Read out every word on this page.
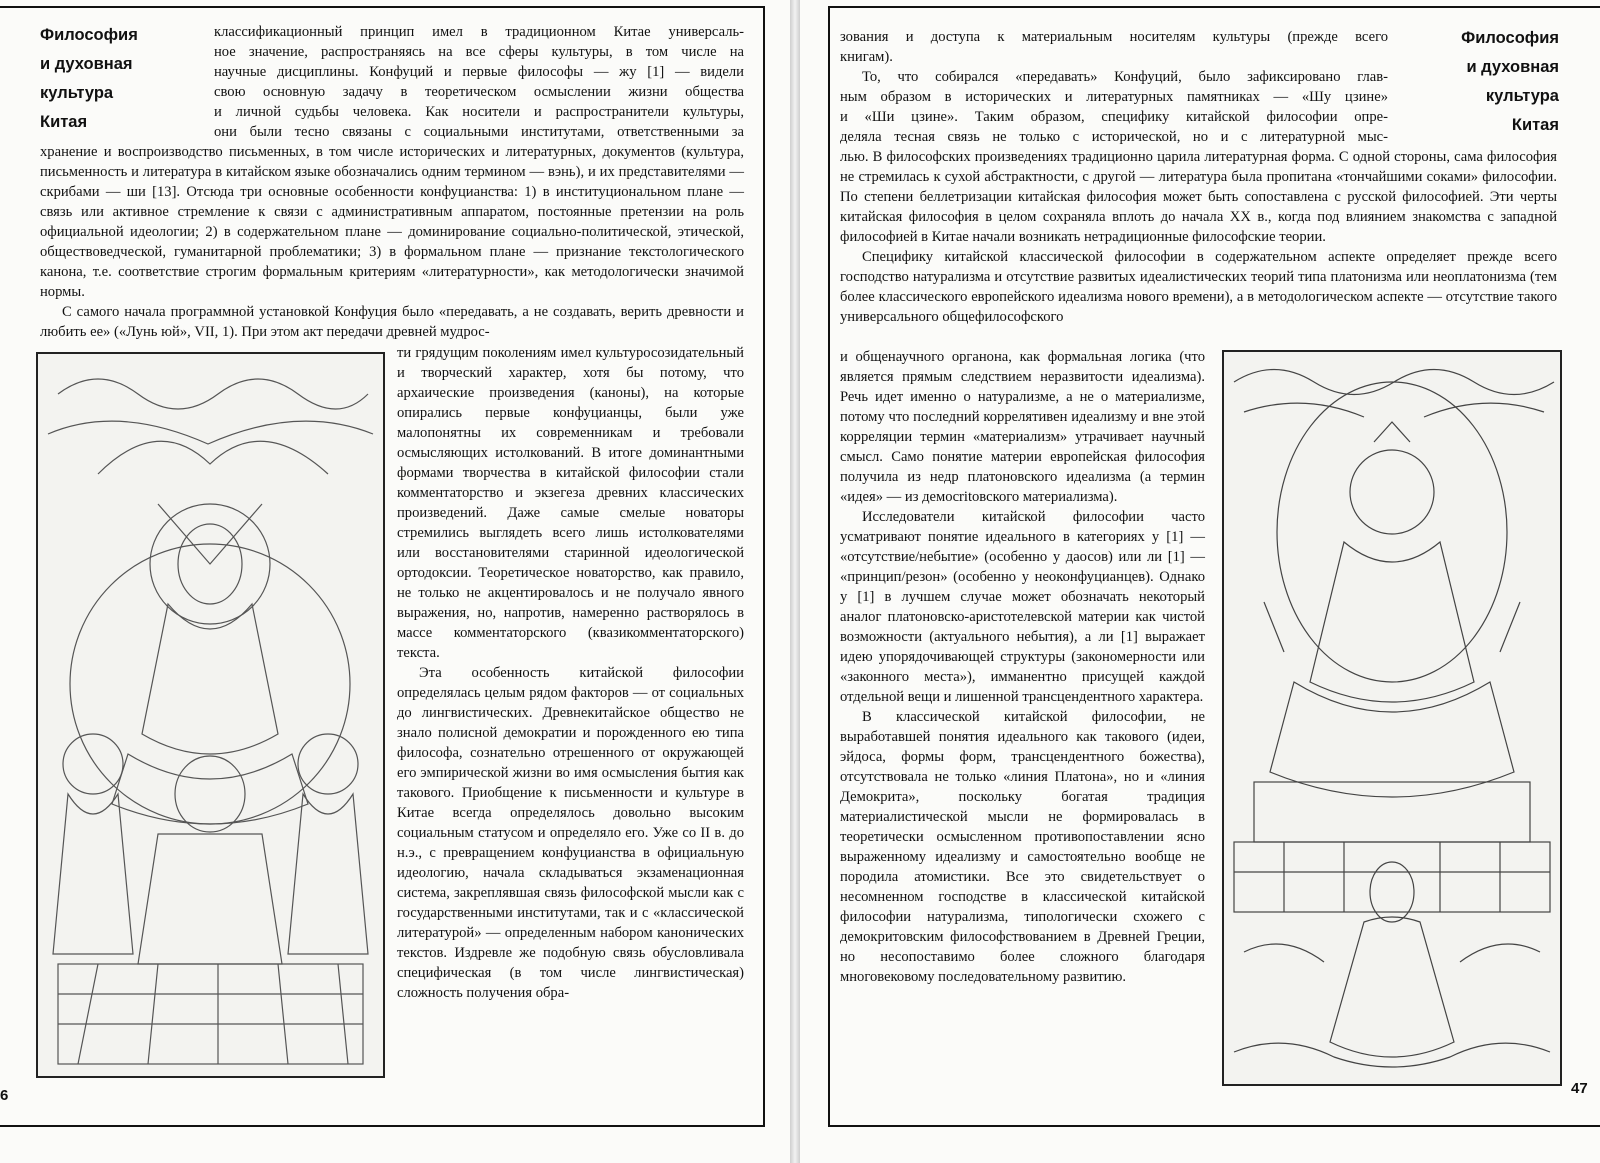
Философия
и духовная
культура
Китая

классификационный принцип имел в традиционном Китае универсаль-

ное значение, распространяясь на все сферы культуры, в том числе на

научные дисциплины. Конфуций и первые философы — жу [1] — видели

свою основную задачу в теоретическом осмыслении жизни общества

и личной судьбы человека. Как носители и распространители культуры,

они были тесно связаны с социальными институтами, ответственными за

хранение и воспроизводство письменных, в том числе исторических и литературных, документов (культура, письменность и литература в китайском языке обозначались одним термином — вэнь), и их представителями — скрибами — ши [13]. Отсюда три основные особенности конфуцианства: 1) в институциональном плане — связь или активное стремление к связи с административным аппаратом, постоянные претензии на роль официальной идеологии; 2) в содержательном плане — доминирование социально-политической, этической, обществоведческой, гуманитарной проблематики; 3) в формальном плане — признание текстологического канона, т.е. соответствие строгим формальным критериям «литературности», как методологически значимой нормы.

С самого начала программной установкой Конфуция было «передавать, а не создавать, верить древности и любить ее» («Лунь юй», VII, 1). При этом акт передачи древней мудрос-

ти грядущим поколениям имел культуросозидательный и творческий характер, хотя бы потому, что архаические произведения (каноны), на которые опирались первые конфуцианцы, были уже малопонятны их современникам и требовали осмысляющих истолкований. В итоге доминантными формами творчества в китайской философии стали комментаторство и экзегеза древних классических произведений. Даже самые смелые новаторы стремились выглядеть всего лишь истолкователями или восстановителями старинной идеологической ортодоксии. Теоретическое новаторство, как правило, не только не акцентировалось и не получало явного выражения, но, напротив, намеренно растворялось в массе комментаторского (квазикомментаторского) текста.

Эта особенность китайской философии определялась целым рядом факторов — от социальных до лингвистических. Древнекитайское общество не знало полисной демократии и порожденного ею типа философа, сознательно отрешенного от окружающей его эмпирической жизни во имя осмысления бытия как такового. Приобщение к письменности и культуре в Китае всегда определялось довольно высоким социальным статусом и определяло его. Уже со II в. до н.э., с превращением конфуцианства в официальную идеологию, начала складываться экзаменационная система, закреплявшая связь философской мысли как с государственными институтами, так и с «классической литературой» — определенным набором канонических текстов. Издревле же подобную связь обусловливала специфическая (в том числе лингвистическая) сложность получения обра-

6
Философия
и духовная
культура
Китая

зования и доступа к материальным носителям культуры (прежде всего

книгам).

То, что собирался «передавать» Конфуций, было зафиксировано глав-

ным образом в исторических и литературных памятниках — «Шу цзине»

и «Ши цзине». Таким образом, специфику китайской философии опре-

деляла тесная связь не только с исторической, но и с литературной мыс-

лью. В философских произведениях традиционно царила литературная форма. С одной стороны, сама философия не стремилась к сухой абстрактности, с другой — литература была пропитана «тончайшими соками» философии. По степени беллетризации китайская философия может быть сопоставлена с русской философией. Эти черты китайская философия в целом сохраняла вплоть до начала XX в., когда под влиянием знакомства с западной философией в Китае начали возникать нетрадиционные философские теории.

Специфику китайской классической философии в содержательном аспекте определяет прежде всего господство натурализма и отсутствие развитых идеалистических теорий типа платонизма или неоплатонизма (тем более классического европейского идеализма нового времени), а в методологическом аспекте — отсутствие такого универсального общефилософского

и общенаучного органона, как формальная логика (что является прямым следствием неразвитости идеализма). Речь идет именно о натурализме, а не о материализме, потому что последний коррелятивен идеализму и вне этой корреляции термин «материализм» утрачивает научный смысл. Само понятие материи европейская философия получила из недр платоновского идеализма (а термин «идея» — из демоcritовского материализма).

Исследователи китайской философии часто усматривают понятие идеального в категориях у [1] — «отсутствие/небытие» (особенно у даосов) или ли [1] — «принцип/резон» (особенно у неоконфуцианцев). Однако у [1] в лучшем случае может обозначать некоторый аналог платоновско-аристотелевской материи как чистой возможности (актуального небытия), а ли [1] выражает идею упорядочивающей структуры (закономерности или «законного места»), имманентно присущей каждой отдельной вещи и лишенной трансцендентного характера.

В классической китайской философии, не выработавшей понятия идеального как такового (идеи, эйдоса, формы форм, трансцендентного божества), отсутствовала не только «линия Платона», но и «линия Демокрита», поскольку богатая традиция материалистической мысли не формировалась в теоретически осмысленном противопоставлении ясно выраженному идеализму и самостоятельно вообще не породила атомистики. Все это свидетельствует о несомненном господстве в классической китайской философии натурализма, типологически схожего с демокритовским философствованием в Древней Греции, но несопоставимо более сложного благодаря многовековому последовательному развитию.

47
